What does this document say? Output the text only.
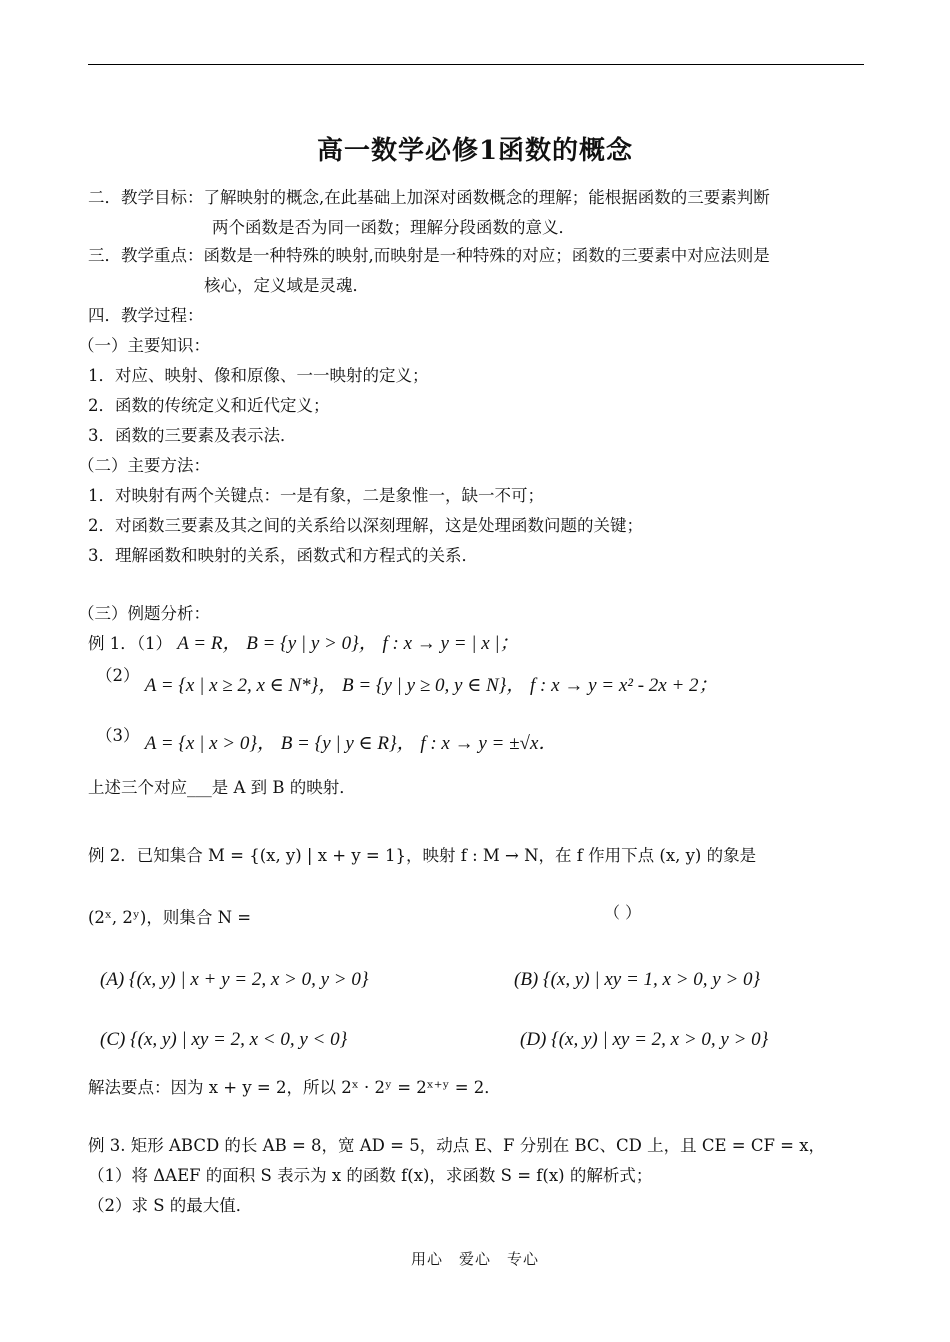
高一数学必修1函数的概念
二．教学目标：了解映射的概念,在此基础上加深对函数概念的理解；能根据函数的三要素判断
两个函数是否为同一函数；理解分段函数的意义．
三．教学重点：函数是一种特殊的映射,而映射是一种特殊的对应；函数的三要素中对应法则是
核心，定义域是灵魂．
四．教学过程：
（一）主要知识：
1．对应、映射、像和原像、一一映射的定义；
2．函数的传统定义和近代定义；
3．函数的三要素及表示法．
（二）主要方法：
1．对映射有两个关键点：一是有象，二是象惟一，缺一不可；
2．对函数三要素及其之间的关系给以深刻理解，这是处理函数问题的关键；
3．理解函数和映射的关系，函数式和方程式的关系．
（三）例题分析：
例 1．（1） A = R， B = {y | y > 0}， f : x → y = | x |；
（2） A = {x | x ≥ 2, x ∈ N*}， B = {y | y ≥ 0, y ∈ N}， f : x → y = x² - 2x + 2；
（3） A = {x | x > 0}， B = {y | y ∈ R}， f : x → y = ±√x．
上述三个对应___是 A 到 B 的映射．
例 2．已知集合 M = {(x, y) | x + y = 1}，映射 f : M → N，在 f 作用下点 (x, y) 的象是
(2ˣ, 2ʸ)，则集合 N =	（ ）
(A) {(x, y) | x + y = 2, x > 0, y > 0}	(B) {(x, y) | xy = 1, x > 0, y > 0}
(C) {(x, y) | xy = 2, x < 0, y < 0}	(D) {(x, y) | xy = 2, x > 0, y > 0}
解法要点：因为 x + y = 2，所以 2ˣ · 2ʸ = 2ˣ⁺ʸ = 2．
例 3. 矩形 ABCD 的长 AB = 8，宽 AD = 5，动点 E、F 分别在 BC、CD 上，且 CE = CF = x，
（1）将 ΔAEF 的面积 S 表示为 x 的函数 f(x)，求函数 S = f(x) 的解析式；
（2）求 S 的最大值．
用心　爱心　专心
